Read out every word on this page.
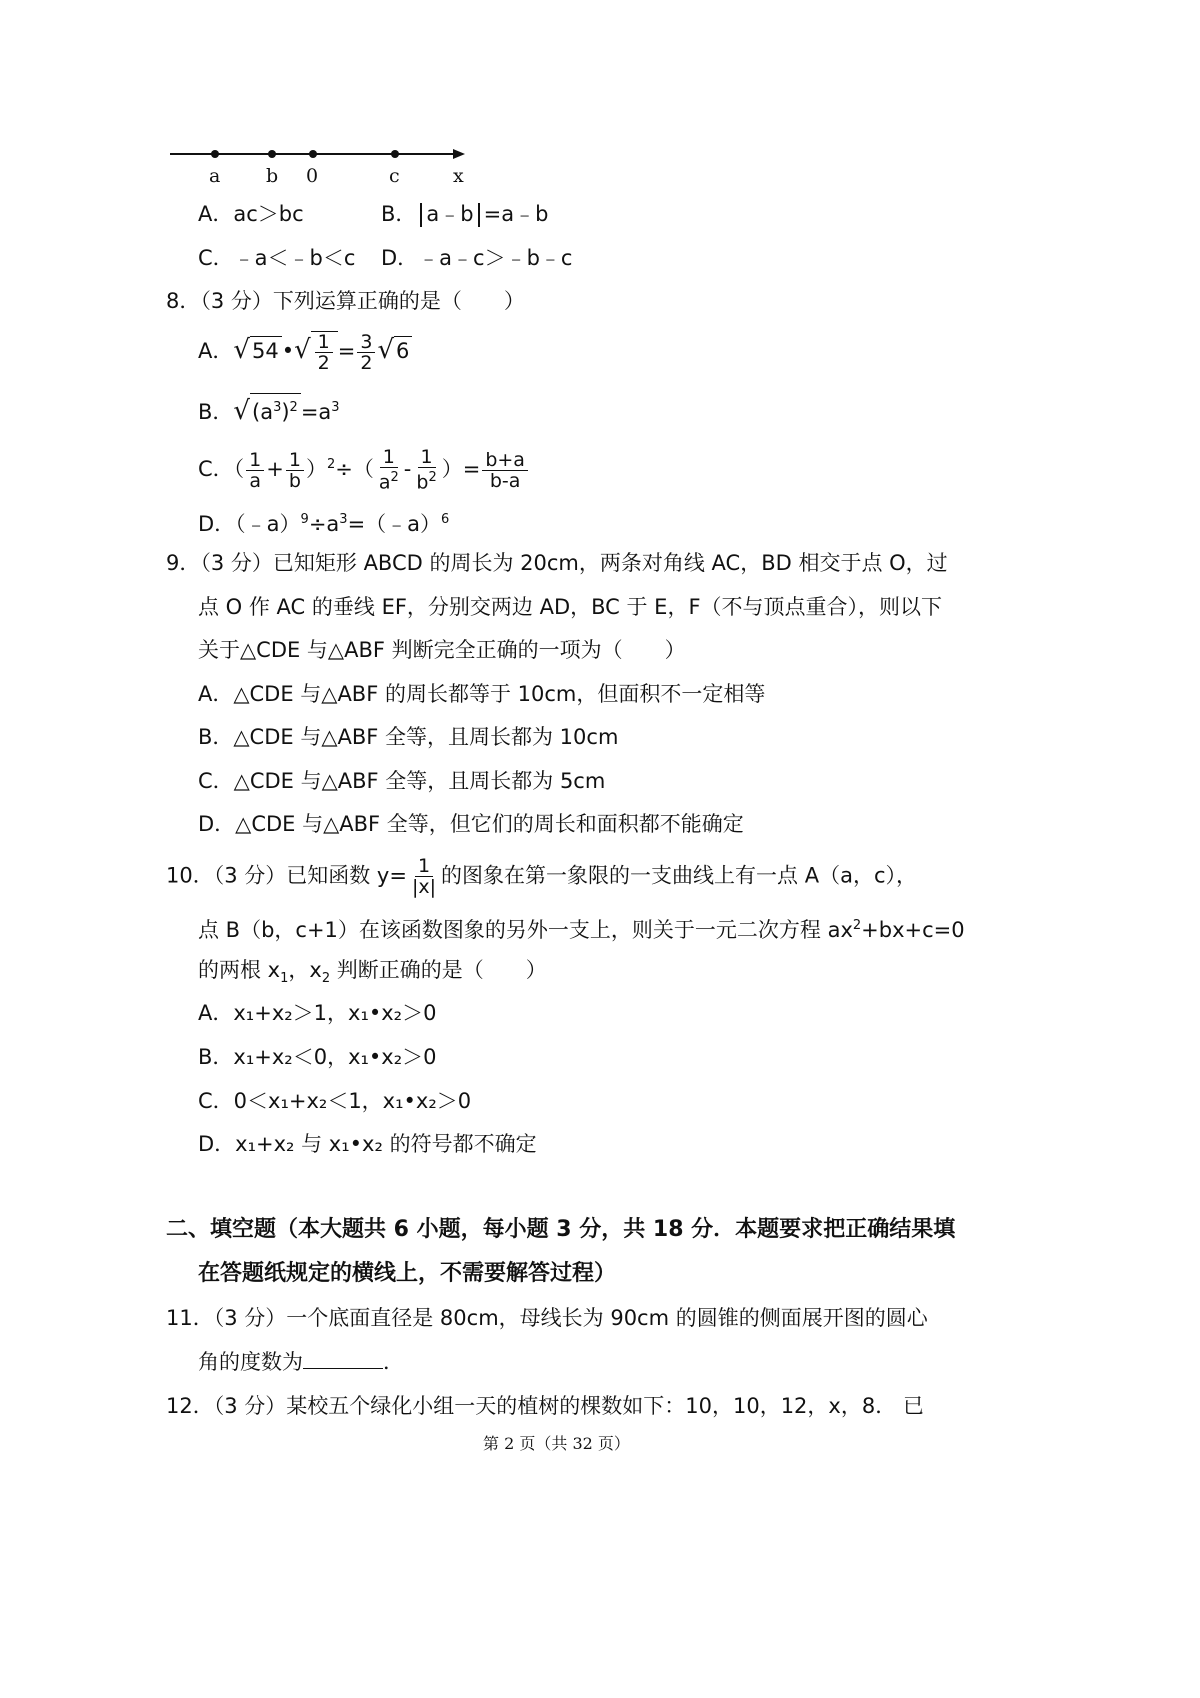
a b 0	c	x
A．ac＞bc	B． a﹣b =a﹣b
C．﹣a＜﹣b＜c D．﹣a﹣c＞﹣b﹣c
8．（3 分）下列运算正确的是（　　）
A．√54 •√ $\frac{1}{2} = \frac{3}{2} √6$
B．$√(a^3)^2 =a^3$
C．（ $\frac{1}{a} + \frac{1}{b} )^2\div( \frac{1}{a^2} - \frac{1}{b^2}$ ）= $\frac{b+a}{b-a}$
D．$(﹣a)^9\div a^3=(﹣a)^6$
9．（3 分）已知矩形 ABCD 的周长为 20cm，两条对角线 AC，BD 相交于点 O，过
点 O 作 AC 的垂线 EF，分别交两边 AD，BC 于 E，F（不与顶点重合），则以下
关于△CDE 与△ABF 判断完全正确的一项为（　　）
A．△CDE 与△ABF 的周长都等于 10cm，但面积不一定相等
B．△CDE 与△ABF 全等，且周长都为 10cm
C．△CDE 与△ABF 全等，且周长都为 5cm
D．△CDE 与△ABF 全等，但它们的周长和面积都不能确定
10．（3 分）已知函数 $y= \frac{1}{|x|}$ 的图象在第一象限的一支曲线上有一点 A（a，c），
点 B（b，c+1）在该函数图象的另外一支上，则关于一元二次方程 $ax^2+bx+c=0$
的两根 $x_1$，$x_2$ 判断正确的是（　　）
A．x₁+x₂＞1，x₁•x₂＞0
B．x₁+x₂＜0，x₁•x₂＞0
C．0＜x₁+x₂＜1，x₁•x₂＞0
D．x₁+x₂ 与 x₁•x₂ 的符号都不确定
二、填空题（本大题共 6 小题，每小题 3 分，共 18 分．本题要求把正确结果填
在答题纸规定的横线上，不需要解答过程）
11．（3 分）一个底面直径是 80cm，母线长为 90cm 的圆锥的侧面展开图的圆心
角的度数为	．
12．（3 分）某校五个绿化小组一天的植树的棵数如下：10，10，12，x，8． 已
第 2 页（共 32 页）
